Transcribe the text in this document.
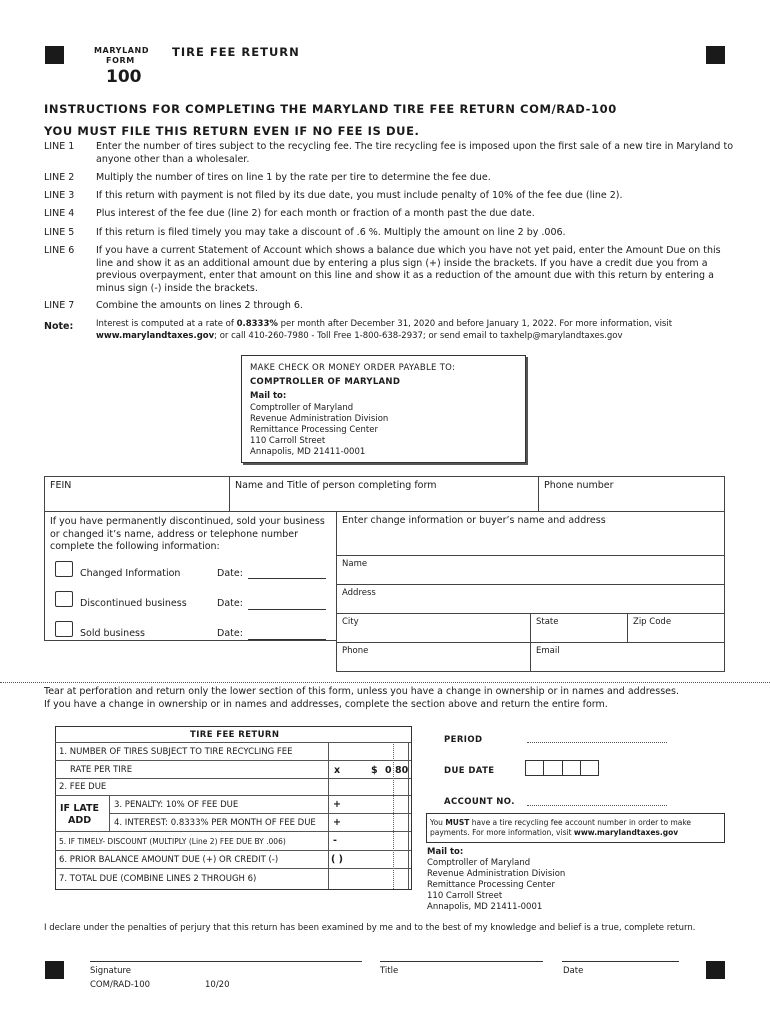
MARYLAND
FORM
100
TIRE FEE RETURN
INSTRUCTIONS FOR COMPLETING THE MARYLAND TIRE FEE RETURN COM/RAD-100
YOU MUST FILE THIS RETURN EVEN IF NO FEE IS DUE.
LINE 1 Enter the number of tires subject to the recycling fee. The tire recycling fee is imposed upon the first sale of a new tire in Maryland to anyone other than a wholesaler.
LINE 2 Multiply the number of tires on line 1 by the rate per tire to determine the fee due.
LINE 3 If this return with payment is not filed by its due date, you must include penalty of 10% of the fee due (line 2).
LINE 4 Plus interest of the fee due (line 2) for each month or fraction of a month past the due date.
LINE 5 If this return is filed timely you may take a discount of .6 %. Multiply the amount on line 2 by .006.
LINE 6 If you have a current Statement of Account which shows a balance due which you have not yet paid, enter the Amount Due on this line and show it as an additional amount due by entering a plus sign (+) inside the brackets. If you have a credit due you from a previous overpayment, enter that amount on this line and show it as a reduction of the amount due with this return by entering a minus sign (-) inside the brackets.
LINE 7 Combine the amounts on lines 2 through 6.
Note:	Interest is computed at a rate of 0.8333% per month after December 31, 2020 and before January 1, 2022. For more information, visit
www.marylandtaxes.gov; or call 410-260-7980 - Toll Free 1-800-638-2937; or send email to taxhelp@marylandtaxes.gov
MAKE CHECK OR MONEY ORDER PAYABLE TO:
COMPTROLLER OF MARYLAND
Mail to:
Comptroller of Maryland
Revenue Administration Division
Remittance Processing Center
110 Carroll Street
Annapolis, MD 21411-0001
FEIN	Name and Title of person completing form	Phone number
If you have permanently discontinued, sold your business or changed it’s name, address or telephone number complete the following information:
Enter change information or buyer’s name and address
Changed Information	Date:
Discontinued business	Date:
Sold business	Date:
Name
Address
City	State	Zip Code
Phone	Email
Tear at perforation and return only the lower section of this form, unless you have a change in ownership or in names and addresses.
If you have a change in ownership or in names and addresses, complete the section above and return the entire form.
TIRE FEE RETURN
1. NUMBER OF TIRES SUBJECT TO TIRE RECYCLING FEE
RATE PER TIRE	x	$ 0 80
2. FEE DUE
IF LATE
ADD
3. PENALTY: 10% OF FEE DUE	+
4. INTEREST: 0.8333% PER MONTH OF FEE DUE +
5. IF TIMELY- DISCOUNT (MULTIPLY (Line 2) FEE DUE BY .006)	-
6. PRIOR BALANCE AMOUNT DUE (+) OR CREDIT (-)	( )
7. TOTAL DUE (COMBINE LINES 2 THROUGH 6)
PERIOD
DUE DATE
ACCOUNT NO.
You MUST have a tire recycling fee account number in order to make payments. For more information, visit www.marylandtaxes.gov
Mail to:
Comptroller of Maryland
Revenue Administration Division
Remittance Processing Center
110 Carroll Street
Annapolis, MD 21411-0001
I declare under the penalties of perjury that this return has been examined by me and to the best of my knowledge and belief is a true, complete return.
Signature	Title	Date
COM/RAD-100	10/20
